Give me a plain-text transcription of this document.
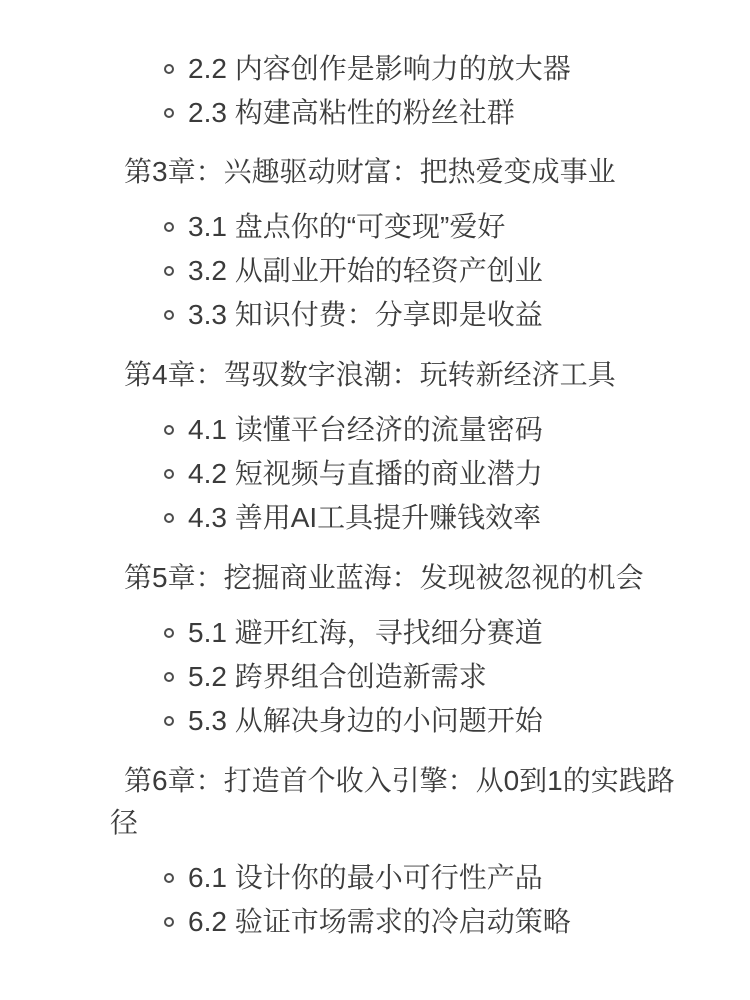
2.2 内容创作是影响力的放大器
2.3 构建高粘性的粉丝社群
第3章：兴趣驱动财富：把热爱变成事业
3.1 盘点你的“可变现”爱好
3.2 从副业开始的轻资产创业
3.3 知识付费：分享即是收益
第4章：驾驭数字浪潮：玩转新经济工具
4.1 读懂平台经济的流量密码
4.2 短视频与直播的商业潜力
4.3 善用AI工具提升赚钱效率
第5章：挖掘商业蓝海：发现被忽视的机会
5.1 避开红海，寻找细分赛道
5.2 跨界组合创造新需求
5.3 从解决身边的小问题开始
第6章：打造首个收入引擎：从0到1的实践路径
6.1 设计你的最小可行性产品
6.2 验证市场需求的冷启动策略
